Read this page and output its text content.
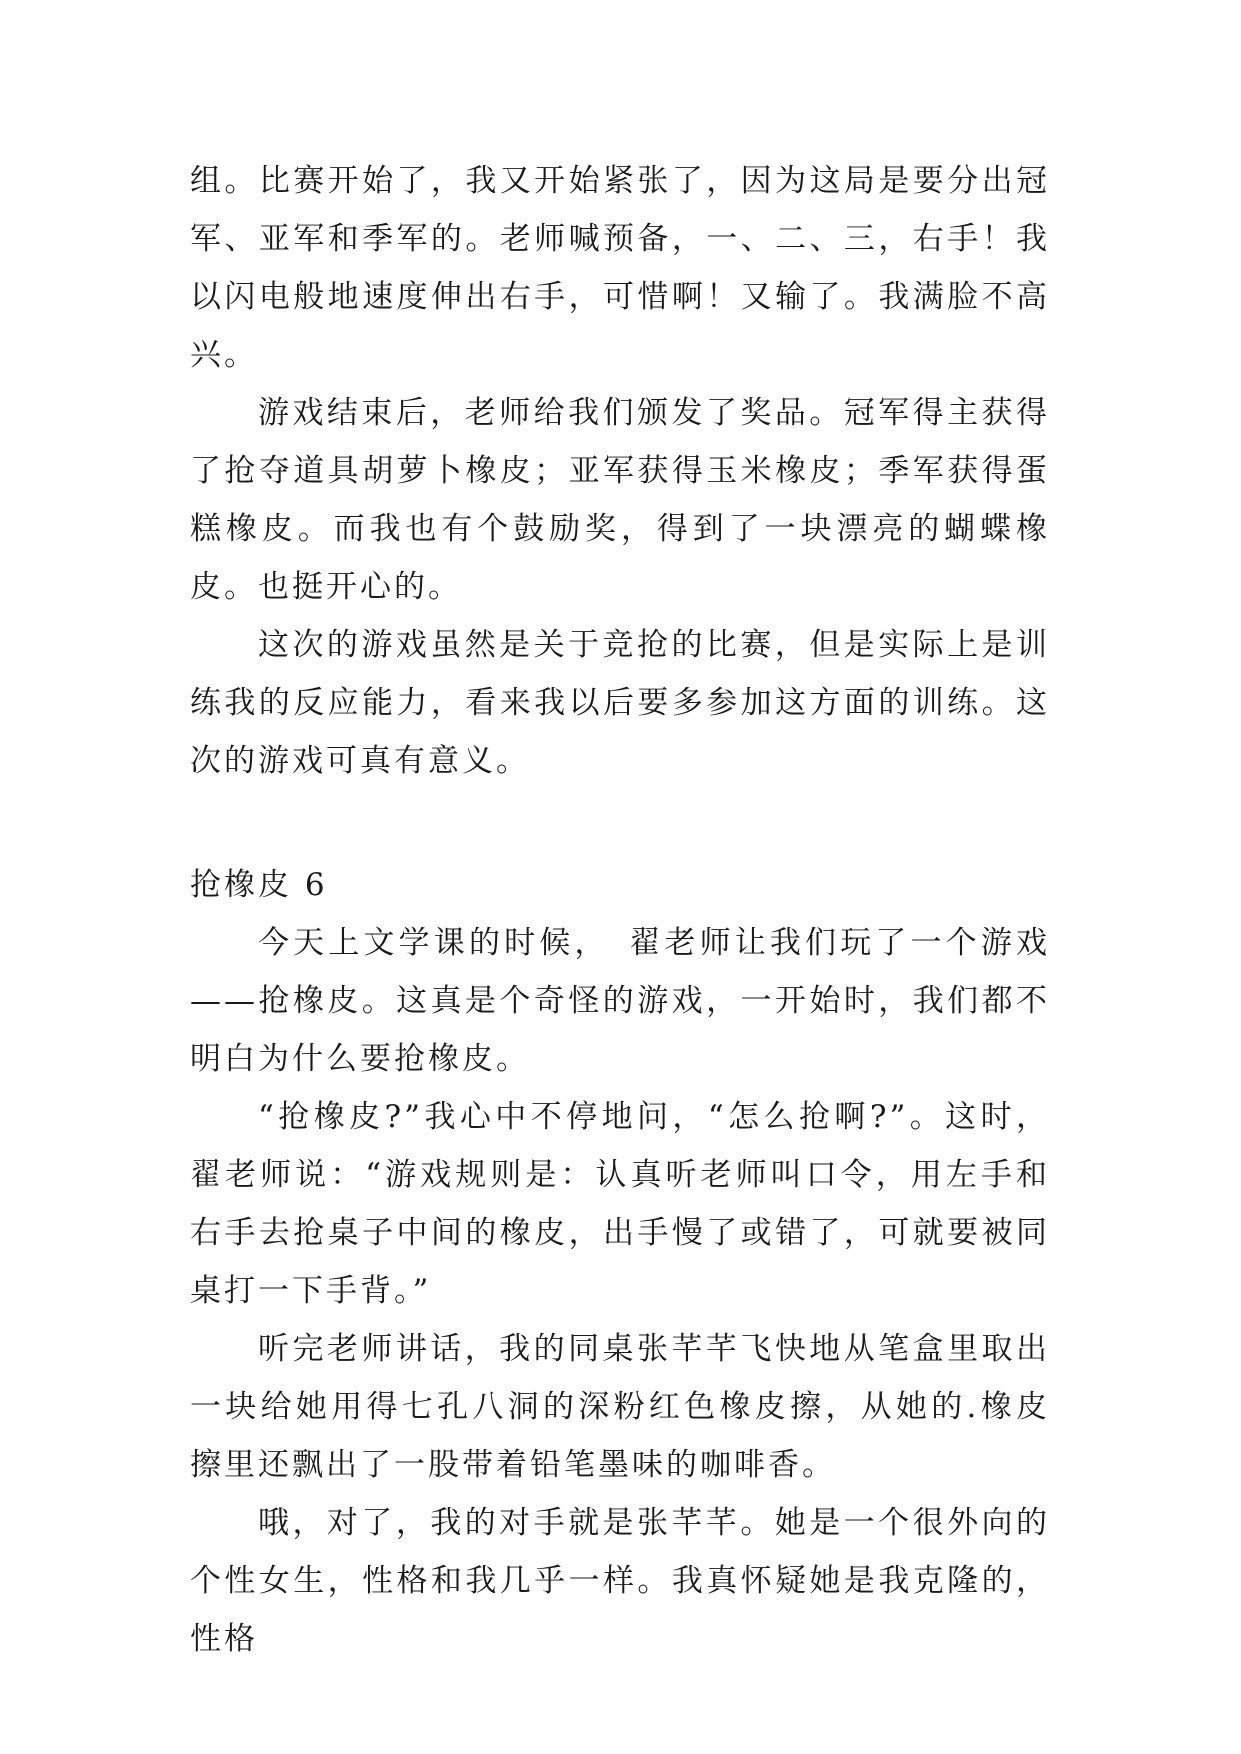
组。比赛开始了，我又开始紧张了，因为这局是要分出冠军、亚军和季军的。老师喊预备，一、二、三，右手！我以闪电般地速度伸出右手，可惜啊！又输了。我满脸不高兴。

游戏结束后，老师给我们颁发了奖品。冠军得主获得了抢夺道具胡萝卜橡皮；亚军获得玉米橡皮；季军获得蛋糕橡皮。而我也有个鼓励奖，得到了一块漂亮的蝴蝶橡皮。也挺开心的。

这次的游戏虽然是关于竞抢的比赛，但是实际上是训练我的反应能力，看来我以后要多参加这方面的训练。这次的游戏可真有意义。

抢橡皮 6

今天上文学课的时候，　翟老师让我们玩了一个游戏——抢橡皮。这真是个奇怪的游戏，一开始时，我们都不明白为什么要抢橡皮。

“抢橡皮?”我心中不停地问，“怎么抢啊?”。这时，翟老师说：“游戏规则是：认真听老师叫口令，用左手和右手去抢桌子中间的橡皮，出手慢了或错了，可就要被同桌打一下手背。”

听完老师讲话，我的同桌张芊芊飞快地从笔盒里取出一块给她用得七孔八洞的深粉红色橡皮擦，从她的.橡皮擦里还飘出了一股带着铅笔墨味的咖啡香。

哦，对了，我的对手就是张芊芊。她是一个很外向的个性女生，性格和我几乎一样。我真怀疑她是我克隆的，性格
